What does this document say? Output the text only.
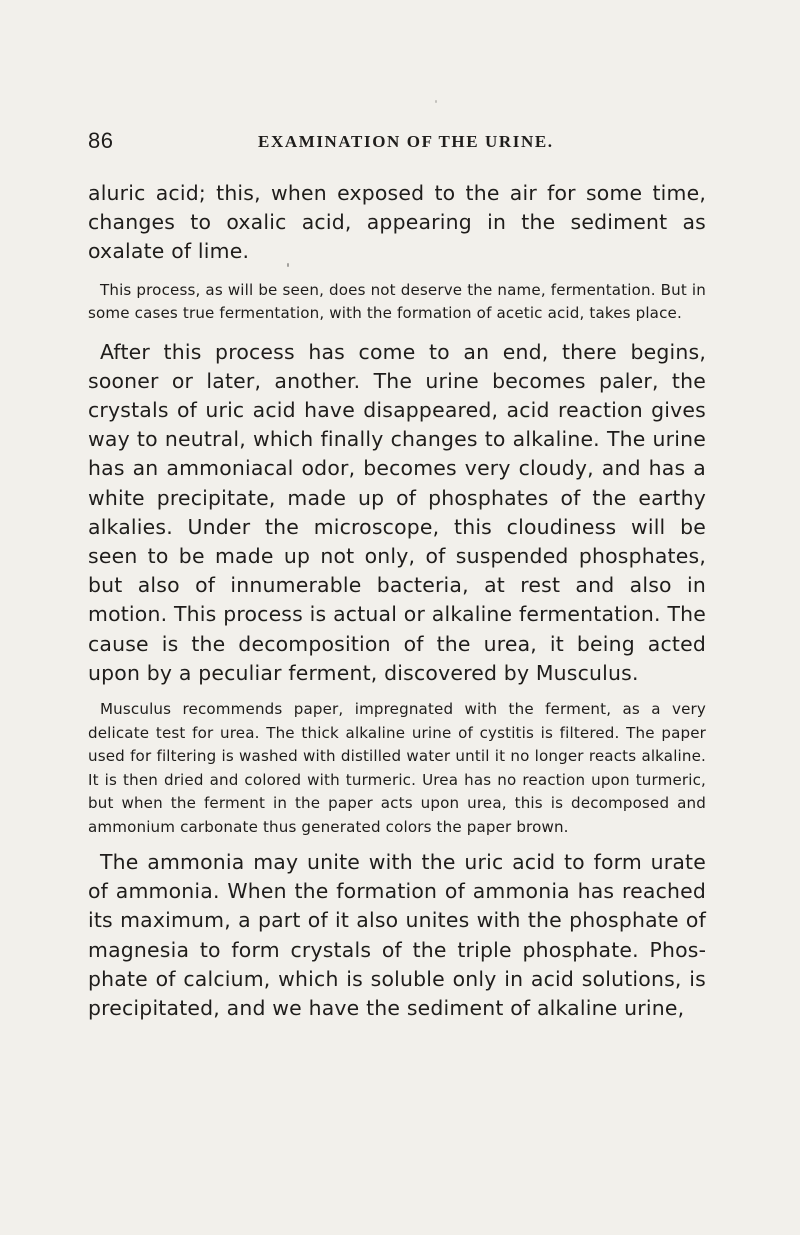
86	EXAMINATION OF THE URINE.

aluric acid; this, when exposed to the air for some time, changes to oxalic acid, appearing in the sediment as oxalate of lime.

This process, as will be seen, does not deserve the name, fermentation. But in some cases true fermentation, with the formation of acetic acid, takes place.

After this process has come to an end, there begins, sooner or later, another. The urine becomes paler, the crystals of uric acid have disappeared, acid reaction gives way to neutral, which finally changes to alkaline. The urine has an ammoniacal odor, becomes very cloudy, and has a white precipitate, made up of phosphates of the earthy alkalies. Under the microscope, this cloudiness will be seen to be made up not only, of suspended phosphates, but also of innumerable bacteria, at rest and also in motion. This process is actual or alkaline fermentation. The cause is the decomposition of the urea, it being acted upon by a peculiar ferment, discovered by Musculus.

Musculus recommends paper, impregnated with the ferment, as a very delicate test for urea. The thick alkaline urine of cystitis is filtered. The paper used for filtering is washed with distilled water until it no longer reacts alkaline. It is then dried and colored with turmeric. Urea has no reaction upon turmeric, but when the ferment in the paper acts upon urea, this is decomposed and ammonium carbonate thus generated colors the paper brown.

The ammonia may unite with the uric acid to form urate of ammonia. When the formation of ammonia has reached its maximum, a part of it also unites with the phosphate of magnesia to form crystals of the triple phosphate. Phosphate of calcium, which is soluble only in acid solutions, is precipitated, and we have the sediment of alkaline urine,
